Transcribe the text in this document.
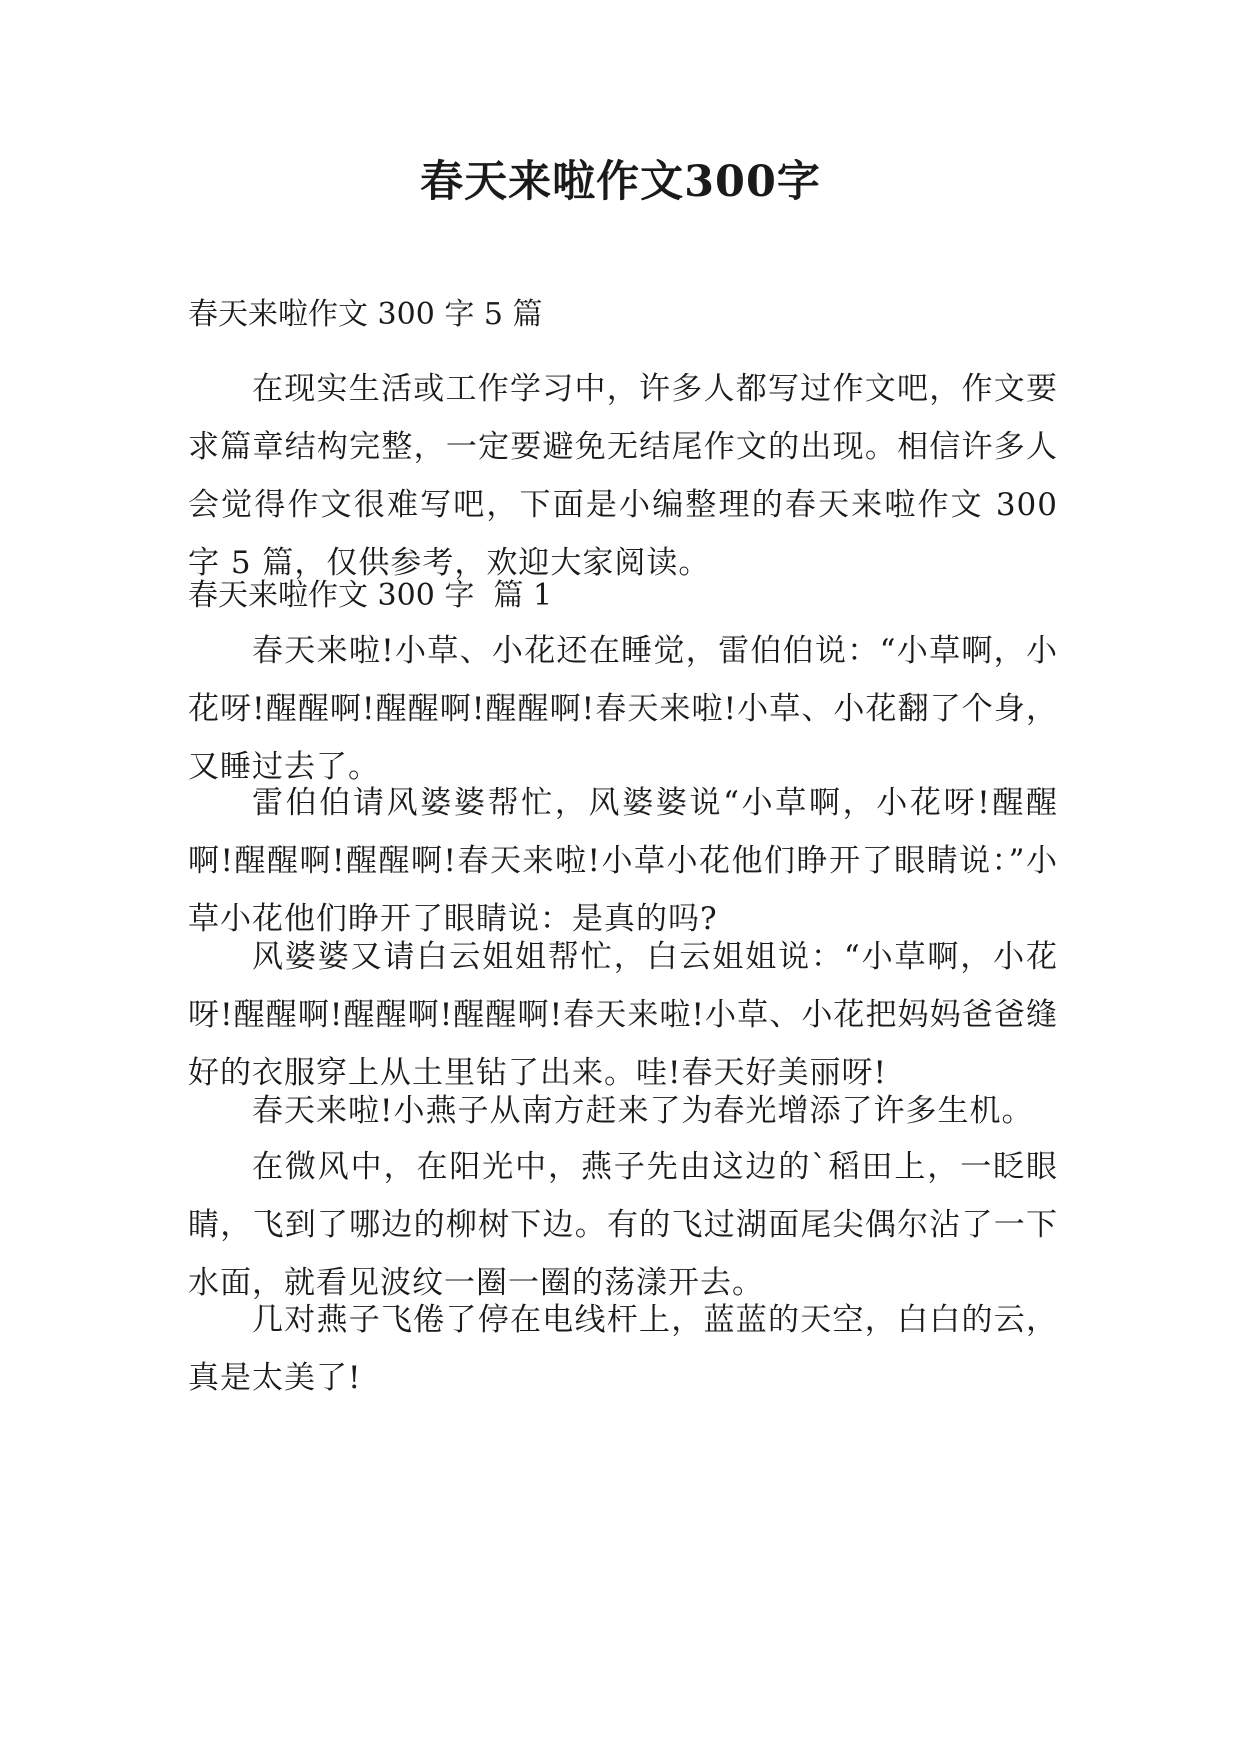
春天来啦作文300字

春天来啦作文 300 字 5 篇

在现实生活或工作学习中，许多人都写过作文吧，作文要求篇章结构完整，一定要避免无结尾作文的出现。相信许多人会觉得作文很难写吧，下面是小编整理的春天来啦作文 300 字 5 篇，仅供参考，欢迎大家阅读。

春天来啦作文 300 字  篇 1

春天来啦!小草、小花还在睡觉，雷伯伯说：“小草啊，小花呀!醒醒啊!醒醒啊!醒醒啊!春天来啦!小草、小花翻了个身，又睡过去了。

雷伯伯请风婆婆帮忙，风婆婆说“小草啊，小花呀!醒醒啊!醒醒啊!醒醒啊!春天来啦!小草小花他们睁开了眼睛说：”小草小花他们睁开了眼睛说：是真的吗?

风婆婆又请白云姐姐帮忙，白云姐姐说：“小草啊，小花呀!醒醒啊!醒醒啊!醒醒啊!春天来啦!小草、小花把妈妈爸爸缝好的衣服穿上从土里钻了出来。哇!春天好美丽呀!

春天来啦!小燕子从南方赶来了为春光增添了许多生机。

在微风中，在阳光中，燕子先由这边的`稻田上，一眨眼睛，飞到了哪边的柳树下边。有的飞过湖面尾尖偶尔沾了一下水面，就看见波纹一圈一圈的荡漾开去。

几对燕子飞倦了停在电线杆上，蓝蓝的天空，白白的云，真是太美了!
